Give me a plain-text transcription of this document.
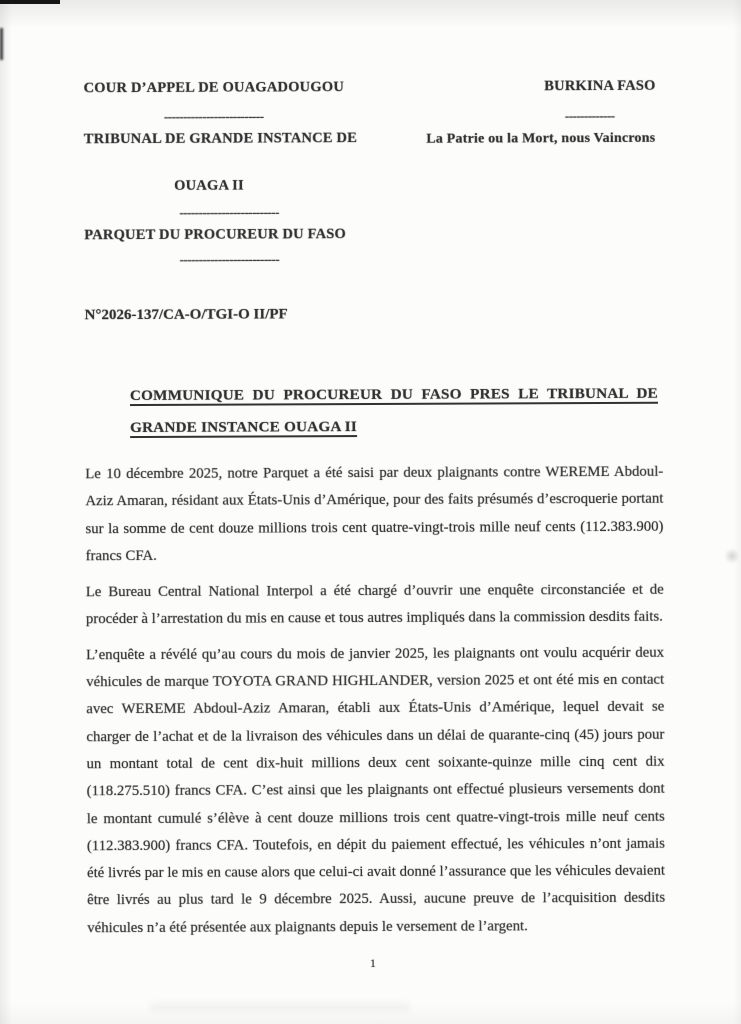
COUR D’APPEL DE OUAGADOUGOU
--------------------------
TRIBUNAL DE GRANDE INSTANCE DE
OUAGA II
--------------------------
PARQUET DU PROCUREUR DU FASO
--------------------------
BURKINA FASO
-------------
La Patrie ou la Mort, nous Vaincrons
N°2026-137/CA-O/TGI-O II/PF
COMMUNIQUE DU PROCUREUR DU FASO PRES LE TRIBUNAL DE
GRANDE INSTANCE OUAGA II

Le 10 décembre 2025, notre Parquet a été saisi par deux plaignants contre WEREME Abdoul-Aziz Amaran, résidant aux États-Unis d’Amérique, pour des faits présumés d’escroquerie portant sur la somme de cent douze millions trois cent quatre-vingt-trois mille neuf cents (112.383.900) francs CFA.

Le Bureau Central National Interpol a été chargé d’ouvrir une enquête circonstanciée et de procéder à l’arrestation du mis en cause et tous autres impliqués dans la commission desdits faits.

L’enquête a révélé qu’au cours du mois de janvier 2025, les plaignants ont voulu acquérir deux véhicules de marque TOYOTA GRAND HIGHLANDER, version 2025 et ont été mis en contact avec WEREME Abdoul-Aziz Amaran, établi aux États-Unis d’Amérique, lequel devait se charger de l’achat et de la livraison des véhicules dans un délai de quarante-cinq (45) jours pour un montant total de cent dix-huit millions deux cent soixante-quinze mille cinq cent dix (118.275.510) francs CFA. C’est ainsi que les plaignants ont effectué plusieurs versements dont le montant cumulé s’élève à cent douze millions trois cent quatre-vingt-trois mille neuf cents (112.383.900) francs CFA. Toutefois, en dépit du paiement effectué, les véhicules n’ont jamais été livrés par le mis en cause alors que celui-ci avait donné l’assurance que les véhicules devaient être livrés au plus tard le 9 décembre 2025. Aussi, aucune preuve de l’acquisition desdits véhicules n’a été présentée aux plaignants depuis le versement de l’argent.

1
